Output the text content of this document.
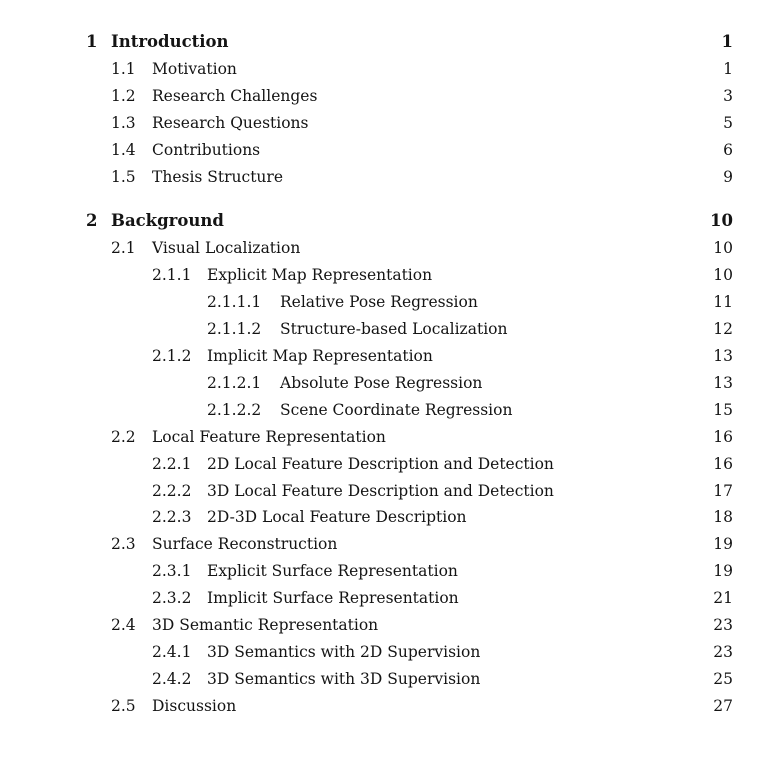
1 Introduction	1
1.1 Motivation	1
1.2 Research Challenges	3
1.3 Research Questions	5
1.4 Contributions	6
1.5 Thesis Structure	9
2 Background	10
2.1 Visual Localization	10
2.1.1 Explicit Map Representation	10
2.1.1.1 Relative Pose Regression	11
2.1.1.2 Structure-based Localization	12
2.1.2 Implicit Map Representation	13
2.1.2.1 Absolute Pose Regression	13
2.1.2.2 Scene Coordinate Regression	15
2.2 Local Feature Representation	16
2.2.1 2D Local Feature Description and Detection	16
2.2.2 3D Local Feature Description and Detection	17
2.2.3 2D-3D Local Feature Description	18
2.3 Surface Reconstruction	19
2.3.1 Explicit Surface Representation	19
2.3.2 Implicit Surface Representation	21
2.4 3D Semantic Representation	23
2.4.1 3D Semantics with 2D Supervision	23
2.4.2 3D Semantics with 3D Supervision	25
2.5 Discussion	27
